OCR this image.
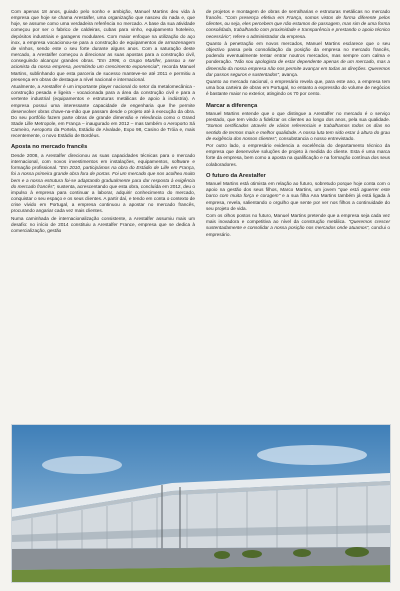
Com apenas 18 anos, guiado pelo sonho e ambição, Manuel Martins deu vida à empresa que hoje se chama Arestalfer, uma organização que nasceu do nada e, que hoje, se assume como uma verdadeira referência no mercado. A base da sua atividade começou por ser o fabrico de caldeiras, cubas para vinho, equipamento hoteleiro, depósitos industriais e garagens modulares. Com maior enfoque na utilização do aço inox, a empresa vocacionou-se para a construção de equipamentos de armazenagem de vinhos, sendo este o seu forte durante alguns anos. Com a saturação deste mercado, a Arestalfer começou a direcionar as suas apostas para a construção civil, conseguindo alcançar grandes obras. "Em 1996, o Grupo Martifer, passou a ser acionista da nossa empresa, permitindo um crescimento exponencial", recorda Manuel Martins, sublinhando que esta parceria de sucesso manteve-se até 2011 e permitiu a presença em obras de destaque a nível nacional e internacional.

Atualmente, a Arestalfer é um importante player nacional do setor da metalomecânica - construção pesada e ligeira - vocacionada para a área da construção civil e para a vertente industrial (equipamentos e estruturas metálicas de apoio à indústria). A empresa possui uma interessante capacidade de engenharia que lhe permite desenvolver obras chave-na-mão que passam desde o projeto até à execução da obra. Do seu portfólio fazem parte obras de grande dimensão e relevância como o Grand Stade Lille Metropole, em França – inaugurado em 2012 – mas também o Aeroporto Sá Carneiro, Aeroporto da Portela, Estádio de Alvalade, Expo 98, Casino de Tróia e, mais recentemente, o novo Estádio de Bordéus.

Aposta no mercado francês

Desde 2008, a Arestalfer direcionou as suas capacidades técnicas para o mercado internacional, com novos investimentos em instalações, equipamentos, software e formação profissional. "Em 2010, participámos na obra do Estádio de Lille em França, foi a nossa primeira grande obra fora de portas. Foi um mercado que nos acolheu muito bem e a nossa estrutura foi-se adaptando gradualmente para dar resposta à exigência do mercado francês", sustenta, acrescentando que esta obra, concluída em 2012, deu o impulso à empresa para continuar a laborar, adquirir conhecimento do mercado, conquistar o seu espaço e os seus clientes. A partir daí, e tendo em conta o contexto de crise vivido em Portugal, a empresa continuou a apostar no mercado francês, procurando angariar cada vez mais clientes.

Numa caminhada de internacionalização consistente, a Arestalfer assumiu mais um desafio: no início de 2014 constituiu a Arestalfer France, empresa que se dedica à comercialização, gestão

de projetos e montagem de obras de serralharias e estruturas metálicas no mercado francês. "Com presença efetiva em França, somos vistos de forma diferente pelos clientes, ou seja, eles percebem que não estamos de passagem, mas sim de uma forma consolidada, trabalhando com proximidade e transparência e prestando o apoio técnico necessário", refere o administrador da empresa.

Quanto à penetração em novos mercados, Manuel Martins esclarece que o seu objectivo passa pela consolidação da posição da empresa no mercado francês, podendo eventualmente tentar entrar noutros mercados, mas sempre com calma e ponderação. "Não sou apologista de estar dependente apenas de um mercado, mas a dimensão da nossa empresa não nos permite avançar em todas as direções. Queremos dar passos seguros e sustentados", avança.

Quanto ao mercado nacional, o empresário revela que, para este ano, a empresa tem uma boa carteira de obras em Portugal, no entanto a expressão do volume de negócios é bastante maior no exterior, atingindo os 70 por cento.

Marcar a diferença

Manuel Martins entende que o que distingue a Arestalfer no mercado é o serviço prestado, que tem vindo a fidelizar os clientes ao longo dos anos, pela sua qualidade. "Somos certificados através de vários referenciais e trabalhamos todos os dias no sentido de termos mais e melhor qualidade. A nossa luta tem sido estar à altura do grau de exigência dos nossos clientes", consubstancia o nosso entrevistado.

Por outro lado, o empresário evidencia a excelência do departamento técnico da empresa que desenvolve soluções de projeto à medida do cliente. Esta é uma marca forte da empresa, bem como a aposta na qualificação e na formação contínua dos seus colaboradores.

O futuro da Arestalfer

Manuel Martins está otimista em relação ao futuro, sobretudo porque hoje conta com o apoio na gestão dos seus filhos, Marco Martins, um jovem "que está aguerrer este barco com muita força e coragem" e a sua filha Ana Martins também já está ligada à empresa, revela, salientando o orgulho que sente por ver nos filhos a continuidade do seu projeto de vida.

Com os olhos postos no futuro, Manuel Martins pretende que a empresa seja cada vez mais inovadora e competitiva ao nível da construção metálica. "Queremos crescer sustentadamente e consolidar a nossa posição nos mercados onde atuamos", conclui o empresário.
